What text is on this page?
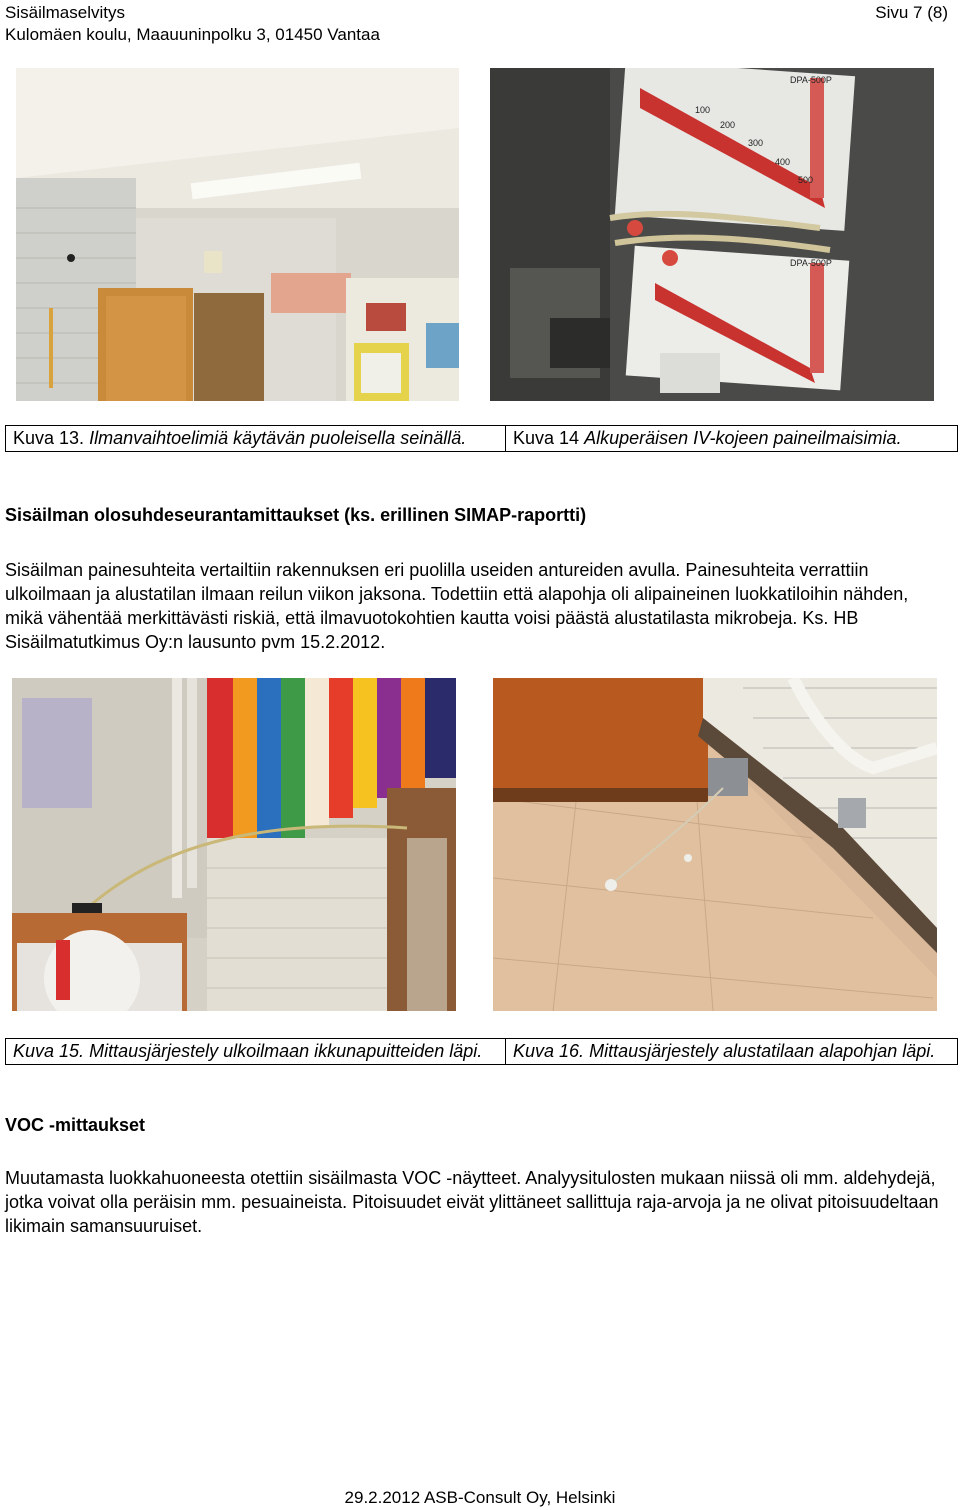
Sisäilmaselvitys
Kulomäen koulu, Maauuninpolku 3, 01450 Vantaa
Sivu 7 (8)
DPA-500P
DPA-500P
100
200
300
400
500
Kuva 13. Ilmanvaihtoelimiä käytävän puoleisella seinällä.	Kuva 14 Alkuperäisen IV-kojeen paineilmaisimia.
Sisäilman olosuhdeseurantamittaukset (ks. erillinen SIMAP-raportti)

Sisäilman painesuhteita vertailtiin rakennuksen eri puolilla useiden antureiden avulla. Painesuhteita verrattiin ulkoilmaan ja alustatilan ilmaan reilun viikon jaksona. Todettiin että alapohja oli alipaineinen luokkatiloihin nähden, mikä vähentää merkittävästi riskiä, että ilmavuotokohtien kautta voisi päästä alustatilasta mikrobeja. Ks. HB Sisäilmatutkimus Oy:n lausunto pvm 15.2.2012.

Kuva 15. Mittausjärjestely ulkoilmaan ikkunapuitteiden läpi.	Kuva 16. Mittausjärjestely alustatilaan alapohjan läpi.
VOC -mittaukset

Muutamasta luokkahuoneesta otettiin sisäilmasta VOC -näytteet. Analyysitulosten mukaan niissä oli mm. aldehydejä, jotka voivat olla peräisin mm. pesuaineista. Pitoisuudet eivät ylittäneet sallittuja raja-arvoja ja ne olivat pitoisuudeltaan likimain samansuuruiset.

29.2.2012 ASB-Consult Oy, Helsinki
